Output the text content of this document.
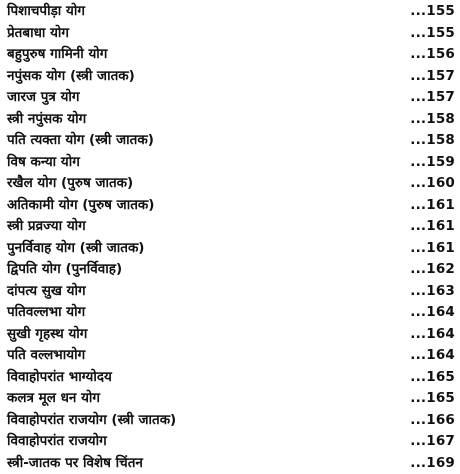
पिशाचपीड़ा योग	...155
प्रेतबाधा योग	...155
बहुपुरुष गामिनी योग	...156
नपुंसक योग (स्त्री जातक)	...157
जारज पुत्र योग	...157
स्त्री नपुंसक योग	...158
पति त्यक्ता योग (स्त्री जातक)	...158
विष कन्या योग	...159
रखैल योग (पुरुष जातक)	...160
अतिकामी योग (पुरुष जातक)	...161
स्त्री प्रव्रज्या योग	...161
पुनर्विवाह योग (स्त्री जातक)	...161
द्विपति योग (पुनर्विवाह)	...162
दांपत्य सुख योग	...163
पतिवल्लभा योग	...164
सुखी गृहस्थ योग	...164
पति वल्लभायोग	...164
विवाहोपरांत भाग्योदय	...165
कलत्र मूल धन योग	...165
विवाहोपरांत राजयोग (स्त्री जातक)	...166
विवाहोपरांत राजयोग	...167
स्त्री-जातक पर विशेष चिंतन	...169
